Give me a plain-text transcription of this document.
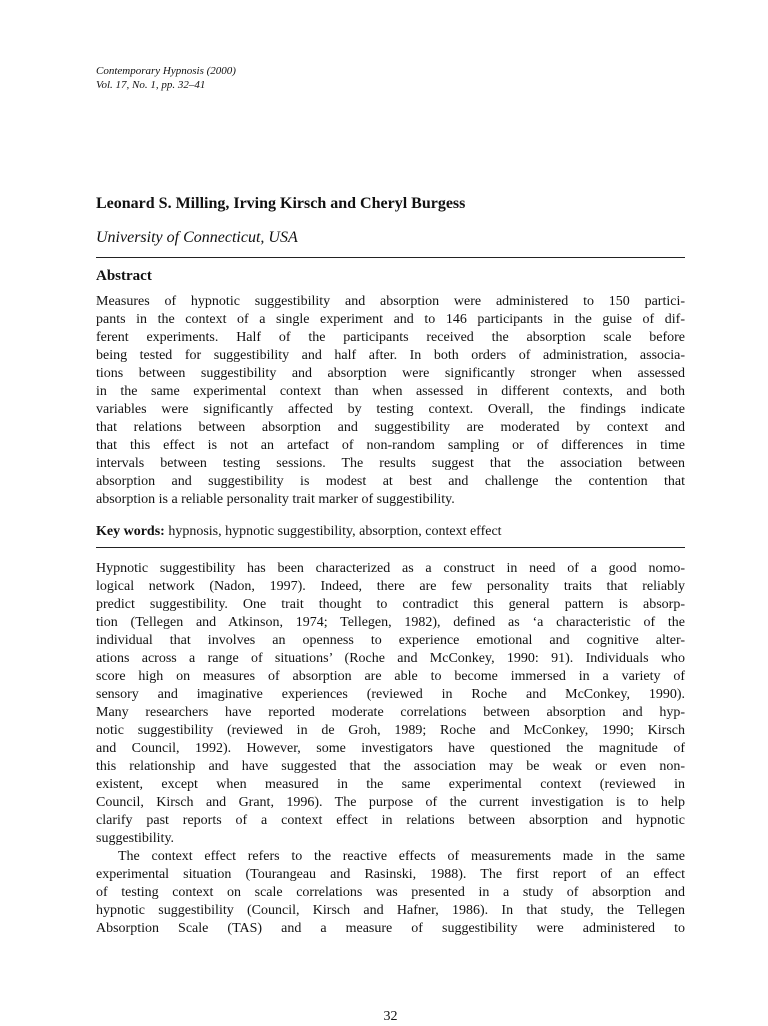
Contemporary Hypnosis (2000)
Vol. 17, No. 1, pp. 32–41
Leonard S. Milling, Irving Kirsch and Cheryl Burgess
University of Connecticut, USA
Abstract
Measures of hypnotic suggestibility and absorption were administered to 150 partici-
pants in the context of a single experiment and to 146 participants in the guise of dif-
ferent experiments. Half of the participants received the absorption scale before
being tested for suggestibility and half after. In both orders of administration, associa-
tions between suggestibility and absorption were significantly stronger when assessed
in the same experimental context than when assessed in different contexts, and both
variables were significantly affected by testing context. Overall, the findings indicate
that relations between absorption and suggestibility are moderated by context and
that this effect is not an artefact of non-random sampling or of differences in time
intervals between testing sessions. The results suggest that the association between
absorption and suggestibility is modest at best and challenge the contention that
absorption is a reliable personality trait marker of suggestibility.
Key words: hypnosis, hypnotic suggestibility, absorption, context effect
Hypnotic suggestibility has been characterized as a construct in need of a good nomo-
logical network (Nadon, 1997). Indeed, there are few personality traits that reliably
predict suggestibility. One trait thought to contradict this general pattern is absorp-
tion (Tellegen and Atkinson, 1974; Tellegen, 1982), defined as ‘a characteristic of the
individual that involves an openness to experience emotional and cognitive alter-
ations across a range of situations’ (Roche and McConkey, 1990: 91). Individuals who
score high on measures of absorption are able to become immersed in a variety of
sensory and imaginative experiences (reviewed in Roche and McConkey, 1990).
Many researchers have reported moderate correlations between absorption and hyp-
notic suggestibility (reviewed in de Groh, 1989; Roche and McConkey, 1990; Kirsch
and Council, 1992). However, some investigators have questioned the magnitude of
this relationship and have suggested that the association may be weak or even non-
existent, except when measured in the same experimental context (reviewed in
Council, Kirsch and Grant, 1996). The purpose of the current investigation is to help
clarify past reports of a context effect in relations between absorption and hypnotic
suggestibility.
The context effect refers to the reactive effects of measurements made in the same
experimental situation (Tourangeau and Rasinski, 1988). The first report of an effect
of testing context on scale correlations was presented in a study of absorption and
hypnotic suggestibility (Council, Kirsch and Hafner, 1986). In that study, the Tellegen
Absorption Scale (TAS) and a measure of suggestibility were administered to
32
